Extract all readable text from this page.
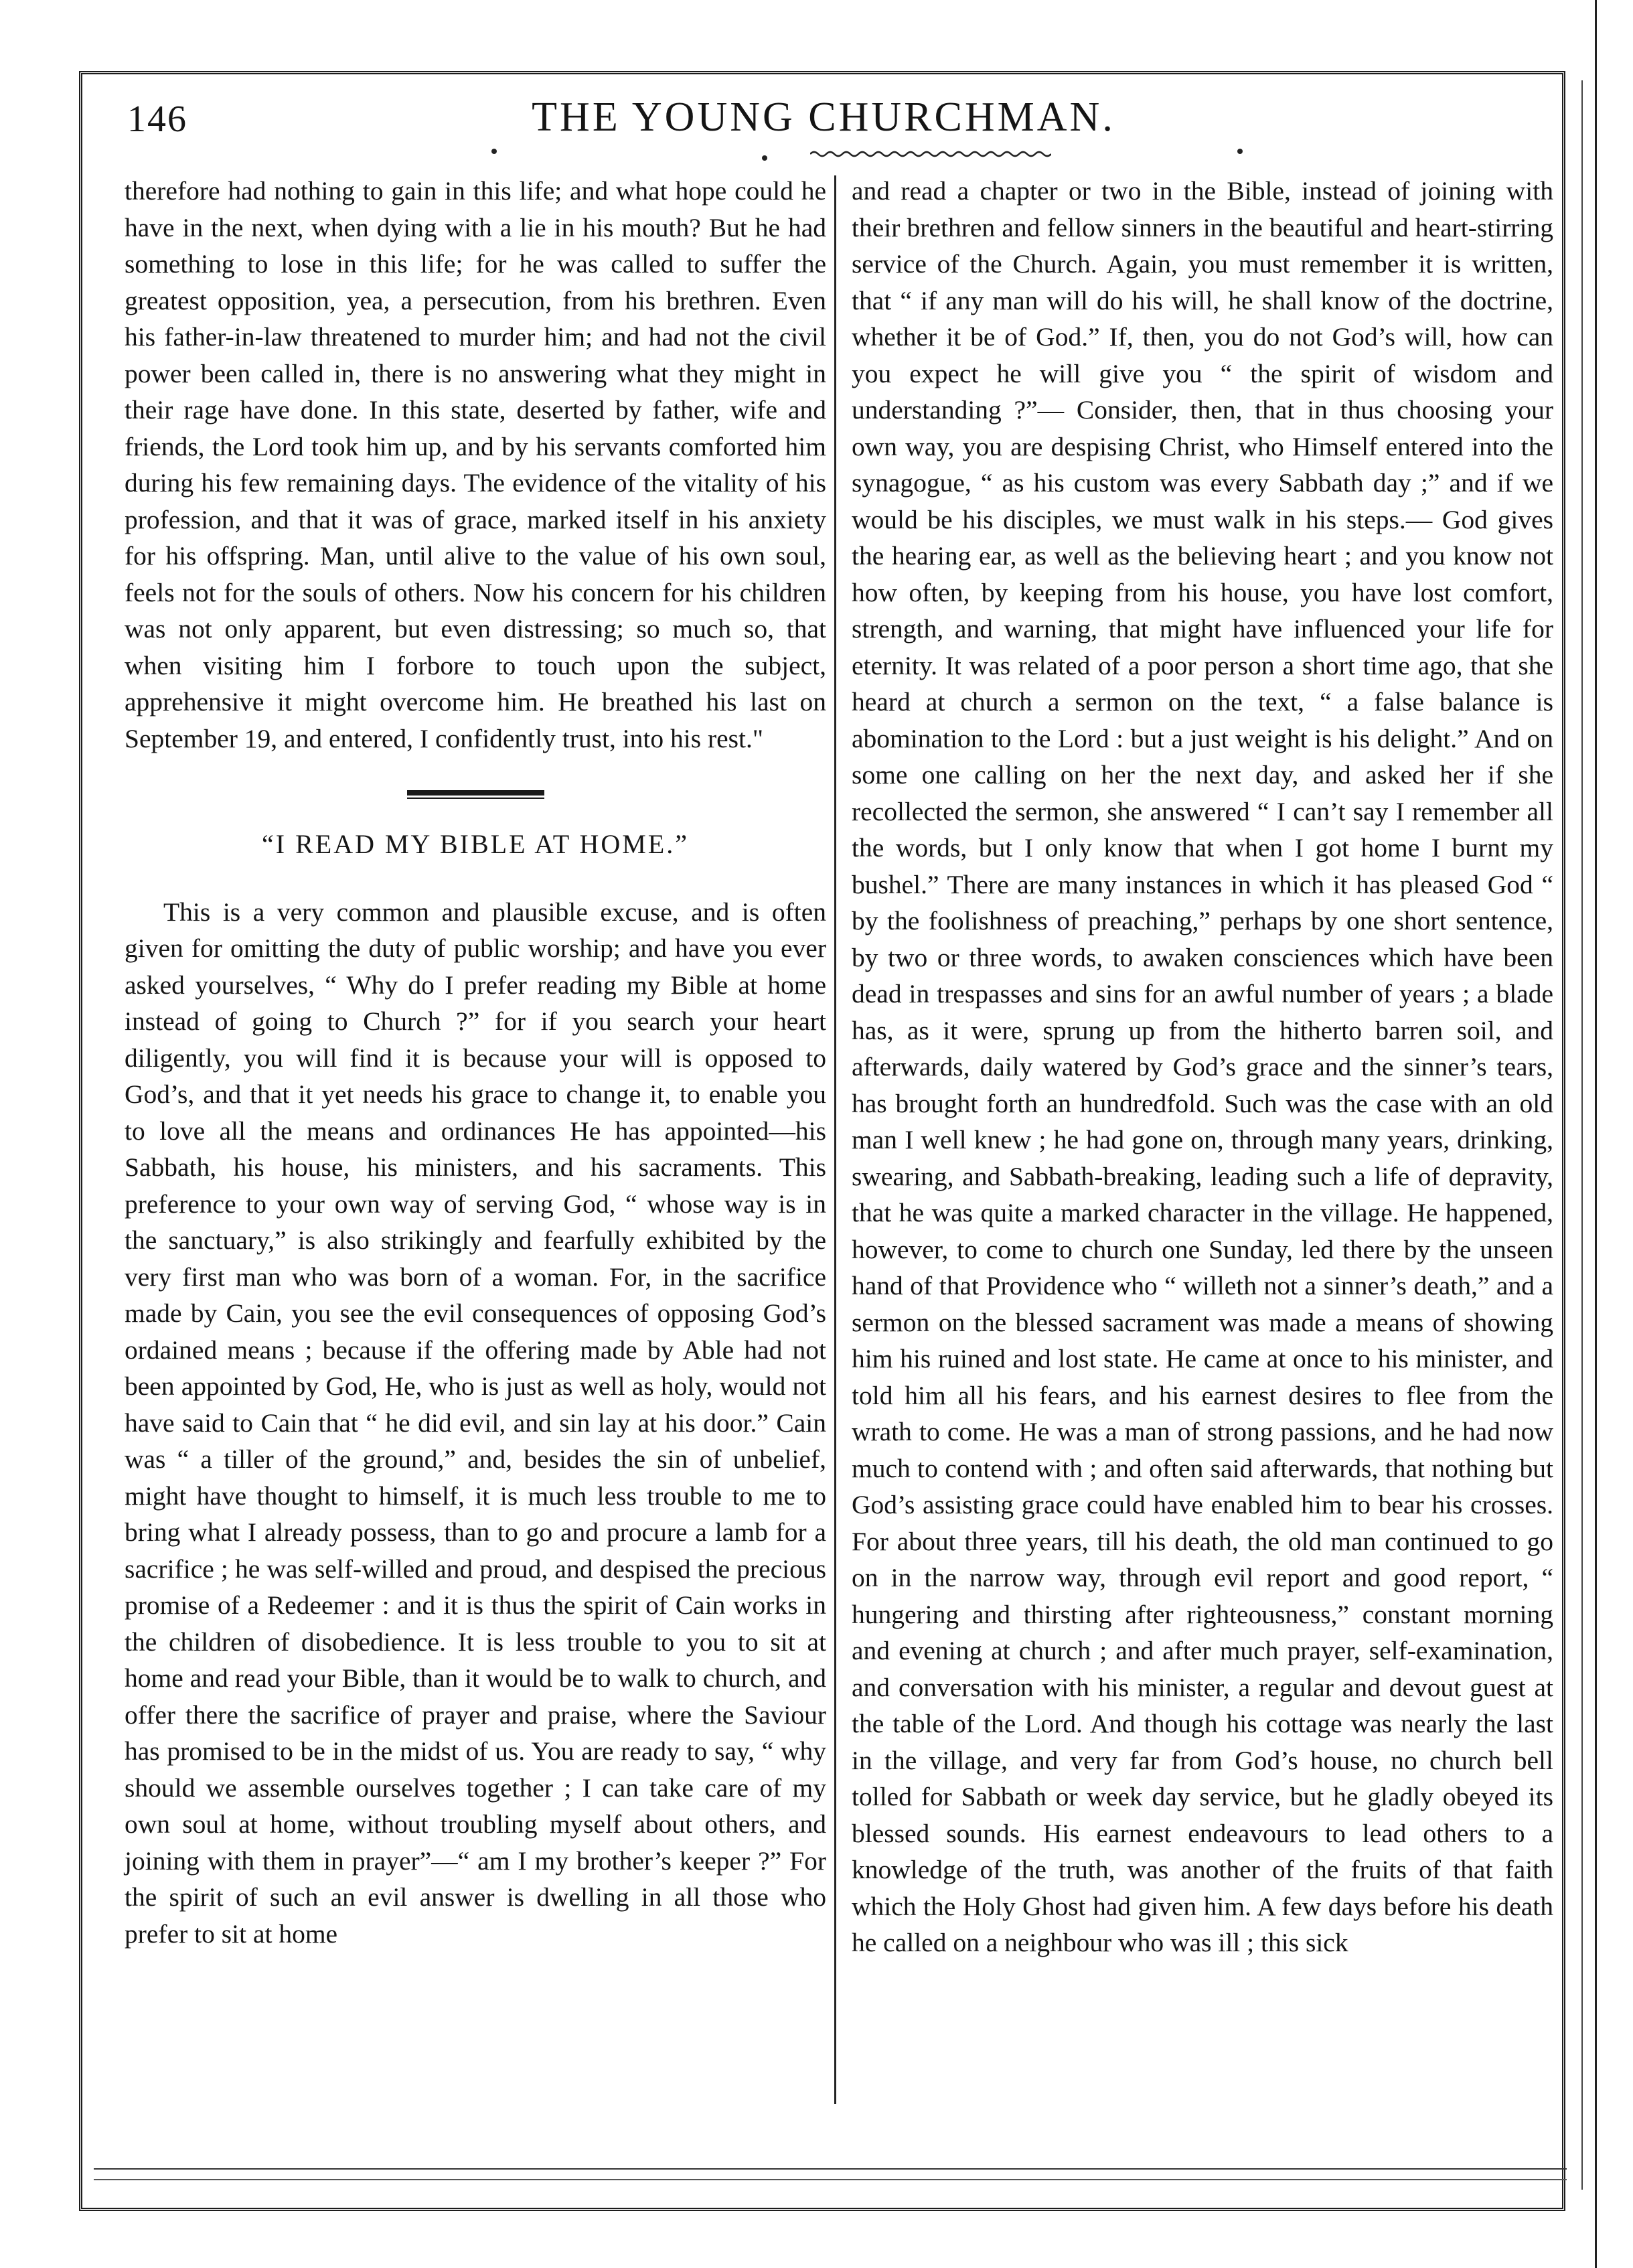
146	THE YOUNG CHURCHMAN.

therefore had nothing to gain in this life; and what hope could he have in the next, when dying with a lie in his mouth? But he had something to lose in this life; for he was called to suffer the greatest opposition, yea, a persecution, from his brethren. Even his father-in-law threatened to murder him; and had not the civil power been called in, there is no answering what they might in their rage have done. In this state, deserted by father, wife and friends, the Lord took him up, and by his servants comforted him during his few remaining days. The evidence of the vitality of his profession, and that it was of grace, marked itself in his anxiety for his offspring. Man, until alive to the value of his own soul, feels not for the souls of others. Now his concern for his children was not only apparent, but even distressing; so much so, that when visiting him I forbore to touch upon the subject, apprehensive it might overcome him. He breathed his last on September 19, and entered, I confidently trust, into his rest."

“I READ MY BIBLE AT HOME.”

This is a very common and plausible excuse, and is often given for omitting the duty of public worship; and have you ever asked yourselves, “ Why do I prefer reading my Bible at home instead of going to Church ?” for if you search your heart diligently, you will find it is because your will is opposed to God’s, and that it yet needs his grace to change it, to enable you to love all the means and ordinances He has appointed—his Sabbath, his house, his ministers, and his sacraments. This preference to your own way of serving God, “ whose way is in the sanctuary,” is also strikingly and fearfully exhibited by the very first man who was born of a woman. For, in the sacrifice made by Cain, you see the evil consequences of opposing God’s ordained means ; because if the offering made by Able had not been appointed by God, He, who is just as well as holy, would not have said to Cain that “ he did evil, and sin lay at his door.” Cain was “ a tiller of the ground,” and, besides the sin of unbelief, might have thought to himself, it is much less trouble to me to bring what I already possess, than to go and procure a lamb for a sacrifice ; he was self-willed and proud, and despised the precious promise of a Redeemer : and it is thus the spirit of Cain works in the children of disobedience. It is less trouble to you to sit at home and read your Bible, than it would be to walk to church, and offer there the sacrifice of prayer and praise, where the Saviour has promised to be in the midst of us. You are ready to say, “ why should we assemble ourselves together ; I can take care of my own soul at home, without troubling myself about others, and joining with them in prayer”—“ am I my brother’s keeper ?” For the spirit of such an evil answer is dwelling in all those who prefer to sit at home

and read a chapter or two in the Bible, instead of joining with their brethren and fellow sinners in the beautiful and heart-stirring service of the Church. Again, you must remember it is written, that “ if any man will do his will, he shall know of the doctrine, whether it be of God.” If, then, you do not God’s will, how can you expect he will give you “ the spirit of wisdom and understanding ?”— Consider, then, that in thus choosing your own way, you are despising Christ, who Himself entered into the synagogue, “ as his custom was every Sabbath day ;” and if we would be his disciples, we must walk in his steps.— God gives the hearing ear, as well as the believing heart ; and you know not how often, by keeping from his house, you have lost comfort, strength, and warning, that might have influenced your life for eternity. It was related of a poor person a short time ago, that she heard at church a sermon on the text, “ a false balance is abomination to the Lord : but a just weight is his delight.” And on some one calling on her the next day, and asked her if she recollected the sermon, she answered “ I can’t say I remember all the words, but I only know that when I got home I burnt my bushel.” There are many instances in which it has pleased God “ by the foolishness of preaching,” perhaps by one short sentence, by two or three words, to awaken consciences which have been dead in trespasses and sins for an awful number of years ; a blade has, as it were, sprung up from the hitherto barren soil, and afterwards, daily watered by God’s grace and the sinner’s tears, has brought forth an hundredfold. Such was the case with an old man I well knew ; he had gone on, through many years, drinking, swearing, and Sabbath-breaking, leading such a life of depravity, that he was quite a marked character in the village. He happened, however, to come to church one Sunday, led there by the unseen hand of that Providence who “ willeth not a sinner’s death,” and a sermon on the blessed sacrament was made a means of showing him his ruined and lost state. He came at once to his minister, and told him all his fears, and his earnest desires to flee from the wrath to come. He was a man of strong passions, and he had now much to contend with ; and often said afterwards, that nothing but God’s assisting grace could have enabled him to bear his crosses. For about three years, till his death, the old man continued to go on in the narrow way, through evil report and good report, “ hungering and thirsting after righteousness,” constant morning and evening at church ; and after much prayer, self-examination, and conversation with his minister, a regular and devout guest at the table of the Lord. And though his cottage was nearly the last in the village, and very far from God’s house, no church bell tolled for Sabbath or week day service, but he gladly obeyed its blessed sounds. His earnest endeavours to lead others to a knowledge of the truth, was another of the fruits of that faith which the Holy Ghost had given him. A few days before his death he called on a neighbour who was ill ; this sick
